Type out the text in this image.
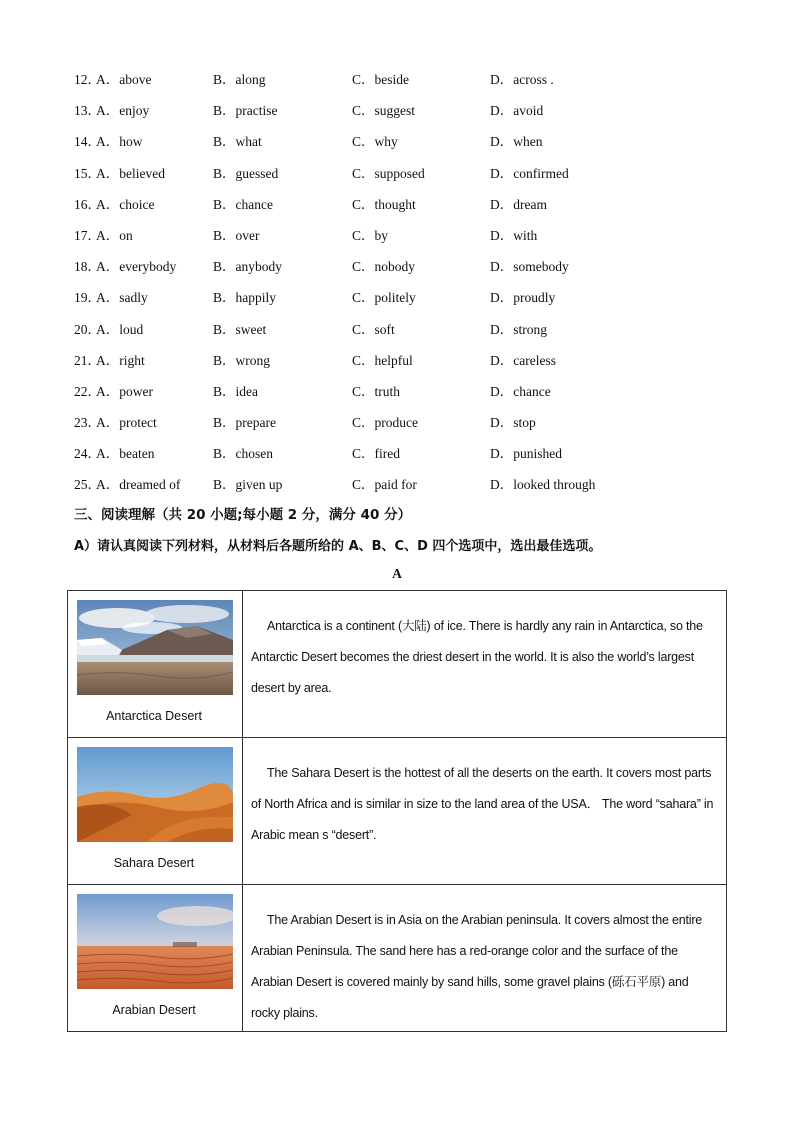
12．
A．above	B．along	C．beside	D．across .
13．
A．enjoy	B．practise	C．suggest	D．avoid
14．
A．how	B．what	C．why	D．when
15．
A．believed	B．guessed	C．supposed	D．confirmed
16．
A．choice	B．chance	C．thought	D．dream
17．
A．on	B．over	C．by	D．with
18．
A．everybody	B．anybody	C．nobody	D．somebody
19．
A．sadly	B．happily	C．politely	D．proudly
20．
A．loud	B．sweet	C．soft	D．strong
21．
A．right	B．wrong	C．helpful	D．careless
22．
A．power	B．idea	C．truth	D．chance
23．
A．protect	B．prepare	C．produce	D．stop
24．
A．beaten	B．chosen	C．fired	D．punished
25．
A．dreamed of B．given up	C．paid for	D．looked through
三、阅读理解（共 20 小题;每小题 2 分，满分 40 分）
A）请认真阅读下列材料，从材料后各题所给的 A、B、C、D 四个选项中，选出最佳选项。
A
Antarctica Desert	Antarctica is a continent (大陆) of ice. There is hardly any rain in Antarctica, so the Antarctic Desert becomes the driest desert in the world. It is also the world’s largest desert by area.

Sahara Desert	The Sahara Desert is the hottest of all the deserts on the earth. It covers most parts of North Africa and is similar in size to the land area of the USA． The word “sahara” in Arabic mean s “desert”.

Arabian Desert	The Arabian Desert is in Asia on the Arabian peninsula. It covers almost the entire Arabian Peninsula. The sand here has a red-orange color and the surface of the Arabian Desert is covered mainly by sand hills, some gravel plains (砾石平原) and rocky plains.
